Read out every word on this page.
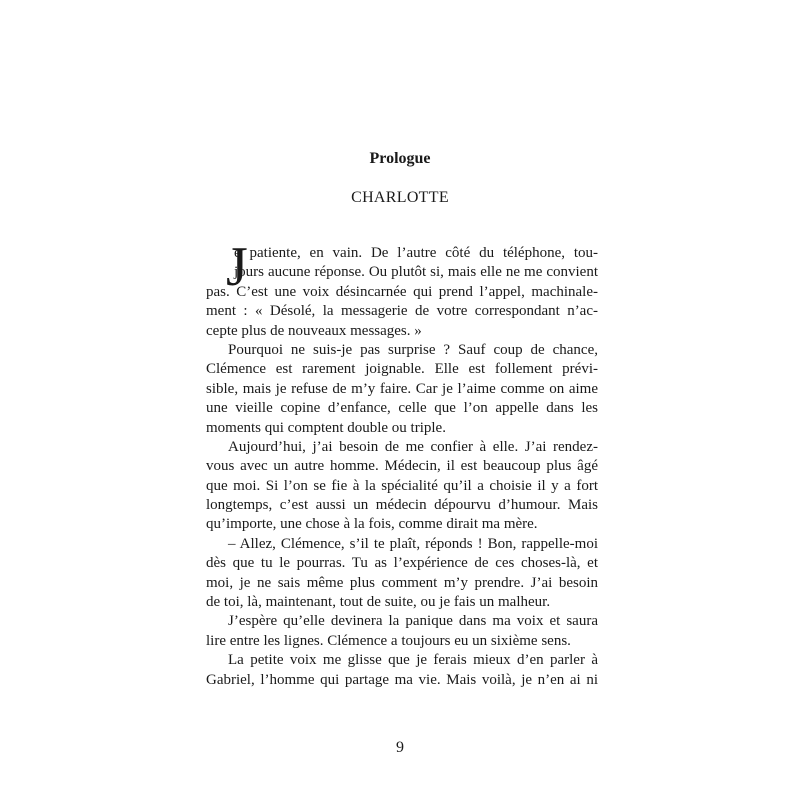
Prologue
CHARLOTTE
J
e patiente, en vain. De l’autre côté du téléphone, tou-
jours aucune réponse. Ou plutôt si, mais elle ne me convient
pas. C’est une voix désincarnée qui prend l’appel, machinale-
ment : « Désolé, la messagerie de votre correspondant n’ac-
cepte plus de nouveaux messages. »
Pourquoi ne suis-je pas surprise ? Sauf coup de chance,
Clémence est rarement joignable. Elle est follement prévi-
sible, mais je refuse de m’y faire. Car je l’aime comme on aime
une vieille copine d’enfance, celle que l’on appelle dans les
moments qui comptent double ou triple.
Aujourd’hui, j’ai besoin de me confier à elle. J’ai rendez-
vous avec un autre homme. Médecin, il est beaucoup plus âgé
que moi. Si l’on se fie à la spécialité qu’il a choisie il y a fort
longtemps, c’est aussi un médecin dépourvu d’humour. Mais
qu’importe, une chose à la fois, comme dirait ma mère.
– Allez, Clémence, s’il te plaît, réponds ! Bon, rappelle-moi
dès que tu le pourras. Tu as l’expérience de ces choses-là, et
moi, je ne sais même plus comment m’y prendre. J’ai besoin
de toi, là, maintenant, tout de suite, ou je fais un malheur.
J’espère qu’elle devinera la panique dans ma voix et saura
lire entre les lignes. Clémence a toujours eu un sixième sens.
La petite voix me glisse que je ferais mieux d’en parler à
Gabriel, l’homme qui partage ma vie. Mais voilà, je n’en ai ni
9
